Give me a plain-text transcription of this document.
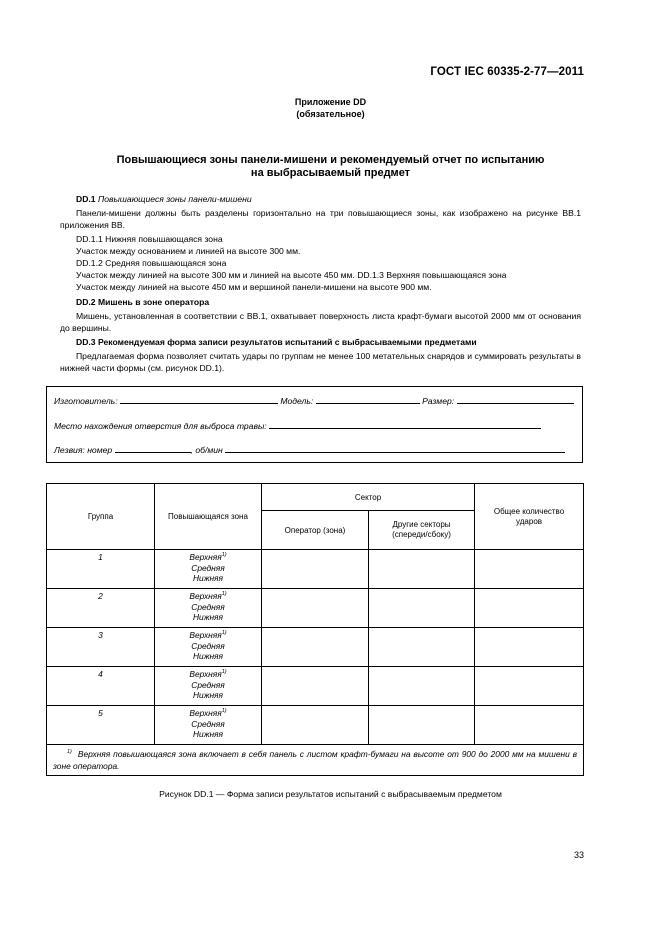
ГОСТ IEC 60335-2-77—2011
Приложение DD
(обязательное)
Повышающиеся зоны панели-мишени и рекомендуемый отчет по испытанию
на выбрасываемый предмет
DD.1 Повышающиеся зоны панели-мишени
Панели-мишени должны быть разделены горизонтально на три повышающиеся зоны, как изображено на рисунке ВВ.1 приложения ВВ.
DD.1.1 Нижняя повышающаяся зона
Участок между основанием и линией на высоте 300 мм.
DD.1.2 Средняя повышающаяся зона
Участок между линией на высоте 300 мм и линией на высоте 450 мм. DD.1.3 Верхняя повышающаяся зона
Участок между линией на высоте 450 мм и вершиной панели-мишени на высоте 900 мм.
DD.2 Мишень в зоне оператора
Мишень, установленная в соответствии с ВВ.1, охватывает поверхность листа крафт-бумаги высотой 2000 мм от основания до вершины.
DD.3 Рекомендуемая форма записи результатов испытаний с выбрасываемыми предметами
Предлагаемая форма позволяет считать удары по группам не менее 100 метательных снарядов и суммировать результаты в нижней части формы (см. рисунок DD.1).
Изготовитель:	Модель:	Размер:
Место нахождения отверстия для выброса травы:
Лезвия: номер	, об/мин
Группа	Повышающаяся зона	Сектор		Общее количество ударов
		Оператор (зона)	Другие секторы (спереди/сбоку)	
1	Верхняя$^{1)}$
Средняя
Нижняя			

2	Верхняя$^{1)}$
Средняя
Нижняя			

3	Верхняя$^{1)}$
Средняя
Нижняя			

4	Верхняя$^{1)}$
Средняя
Нижняя			

5	Верхняя$^{1)}$
Средняя
Нижняя			

$^{1)}$ Верхняя повышающаяся зона включает в себя панель с листом крафт-бумаги на высоте от 900 до 2000 мм на мишени в зоне оператора.				
Рисунок DD.1 — Форма записи результатов испытаний с выбрасываемым предметом
33
